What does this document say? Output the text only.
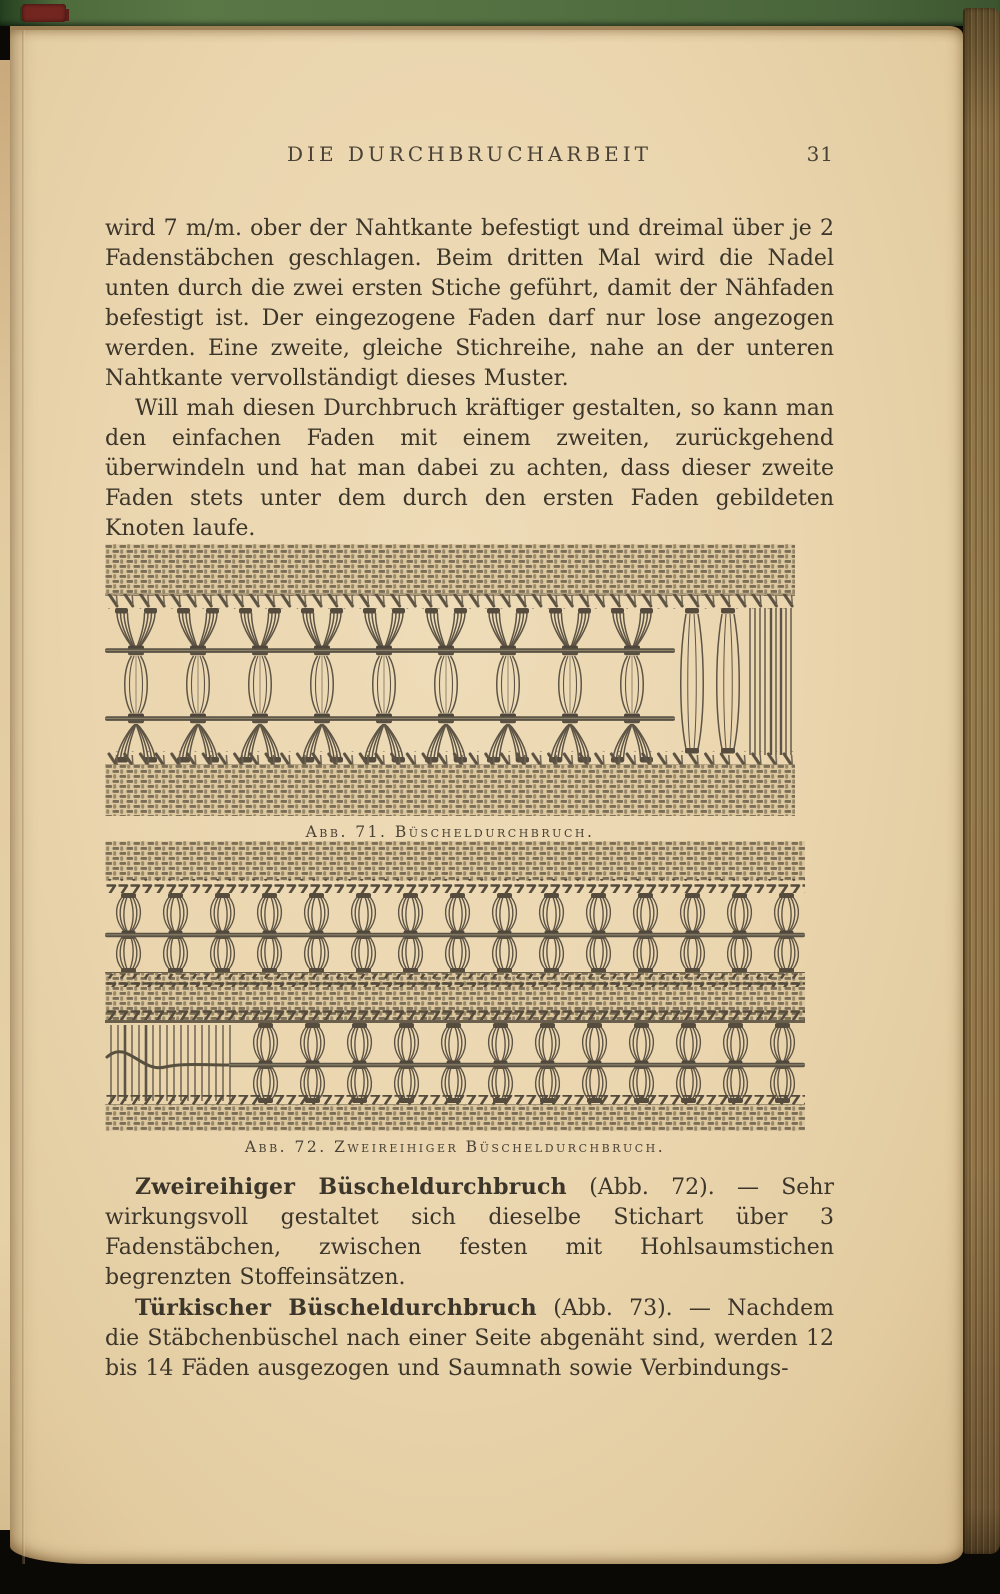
DIE DURCHBRUCHARBEIT	31

wird 7 m/m. ober der Nahtkante befestigt und dreimal über je 2 Fadenstäbchen geschlagen. Beim dritten Mal wird die Nadel unten durch die zwei ersten Stiche geführt, damit der Nähfaden befestigt ist. Der eingezogene Faden darf nur lose angezogen werden. Eine zweite, gleiche Stichreihe, nahe an der unteren Nahtkante vervollständigt dieses Muster.

Will mah diesen Durchbruch kräftiger gestalten, so kann man den einfachen Faden mit einem zweiten, zurückgehend überwindeln und hat man dabei zu achten, dass dieser zweite Faden stets unter dem durch den ersten Faden gebildeten Knoten laufe.

Abb. 71. Büscheldurchbruch.
Abb. 72. Zweireihiger Büscheldurchbruch.

Zweireihiger Büscheldurchbruch (Abb. 72). — Sehr wirkungsvoll gestaltet sich dieselbe Stichart über 3 Fadenstäbchen, zwischen festen mit Hohlsaumstichen begrenzten Stoffeinsätzen.

Türkischer Büscheldurchbruch (Abb. 73). — Nachdem die Stäbchenbüschel nach einer Seite abgenäht sind, werden 12 bis 14 Fäden ausgezogen und Saumnath sowie Verbindungs-
